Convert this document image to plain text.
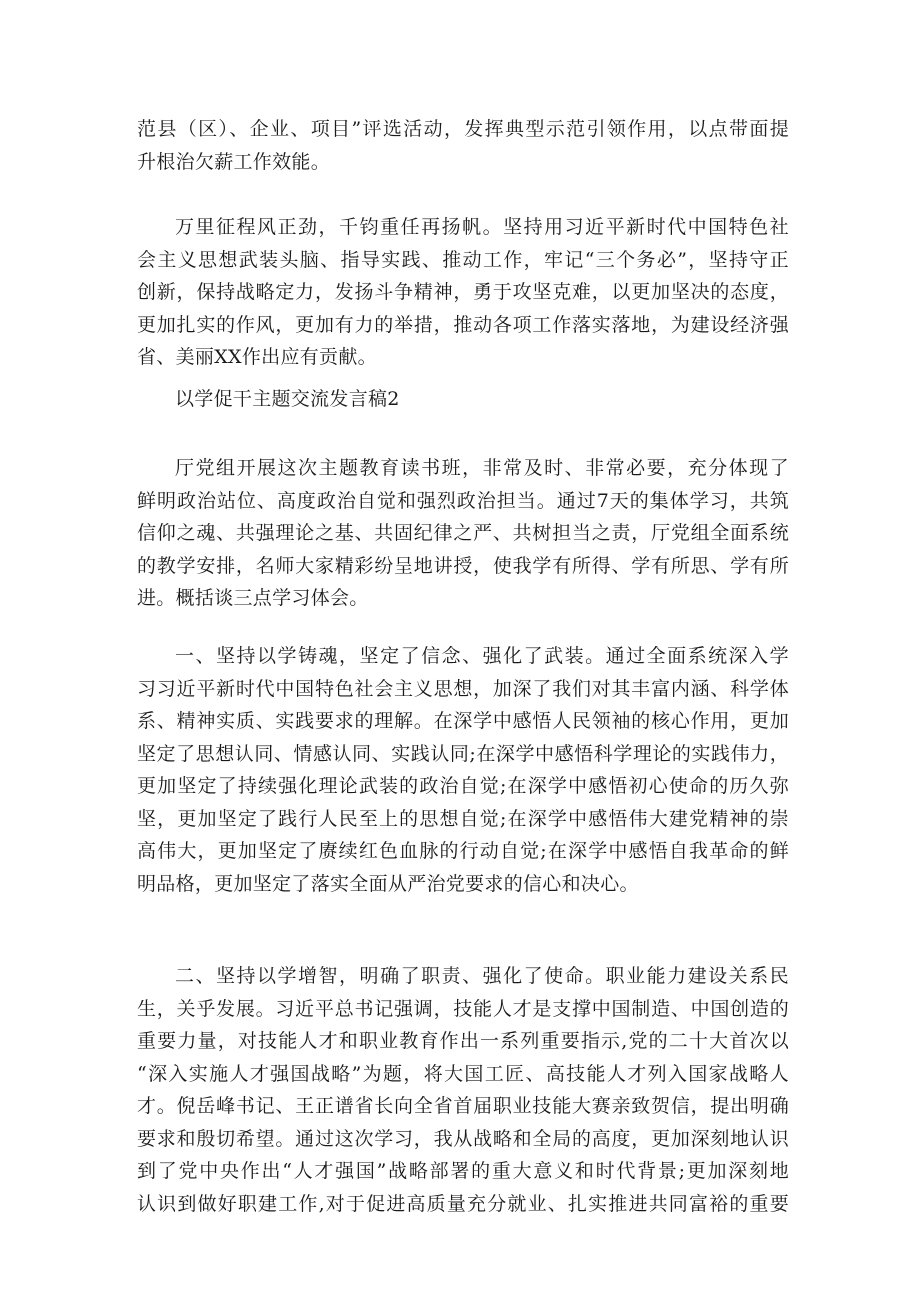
范县（区）、企业、项目”评选活动，发挥典型示范引领作用，以点带面提
升根治欠薪工作效能。
万里征程风正劲，千钧重任再扬帆。坚持用习近平新时代中国特色社
会主义思想武装头脑、指导实践、推动工作，牢记“三个务必”，坚持守正
创新，保持战略定力，发扬斗争精神，勇于攻坚克难，以更加坚决的态度，
更加扎实的作风，更加有力的举措，推动各项工作落实落地，为建设经济强
省、美丽XX作出应有贡献。
以学促干主题交流发言稿2
厅党组开展这次主题教育读书班，非常及时、非常必要，充分体现了
鲜明政治站位、高度政治自觉和强烈政治担当。通过7天的集体学习，共筑
信仰之魂、共强理论之基、共固纪律之严、共树担当之责，厅党组全面系统
的教学安排，名师大家精彩纷呈地讲授，使我学有所得、学有所思、学有所
进。概括谈三点学习体会。
一、坚持以学铸魂，坚定了信念、强化了武装。通过全面系统深入学
习习近平新时代中国特色社会主义思想，加深了我们对其丰富内涵、科学体
系、精神实质、实践要求的理解。在深学中感悟人民领袖的核心作用，更加
坚定了思想认同、情感认同、实践认同;在深学中感悟科学理论的实践伟力，
更加坚定了持续强化理论武装的政治自觉;在深学中感悟初心使命的历久弥
坚，更加坚定了践行人民至上的思想自觉;在深学中感悟伟大建党精神的崇
高伟大，更加坚定了赓续红色血脉的行动自觉;在深学中感悟自我革命的鲜
明品格，更加坚定了落实全面从严治党要求的信心和决心。
二、坚持以学增智，明确了职责、强化了使命。职业能力建设关系民
生，关乎发展。习近平总书记强调，技能人才是支撑中国制造、中国创造的
重要力量，对技能人才和职业教育作出一系列重要指示,党的二十大首次以
“深入实施人才强国战略”为题，将大国工匠、高技能人才列入国家战略人
才。倪岳峰书记、王正谱省长向全省首届职业技能大赛亲致贺信，提出明确
要求和殷切希望。通过这次学习，我从战略和全局的高度，更加深刻地认识
到了党中央作出“人才强国”战略部署的重大意义和时代背景;更加深刻地
认识到做好职建工作,对于促进高质量充分就业、扎实推进共同富裕的重要
